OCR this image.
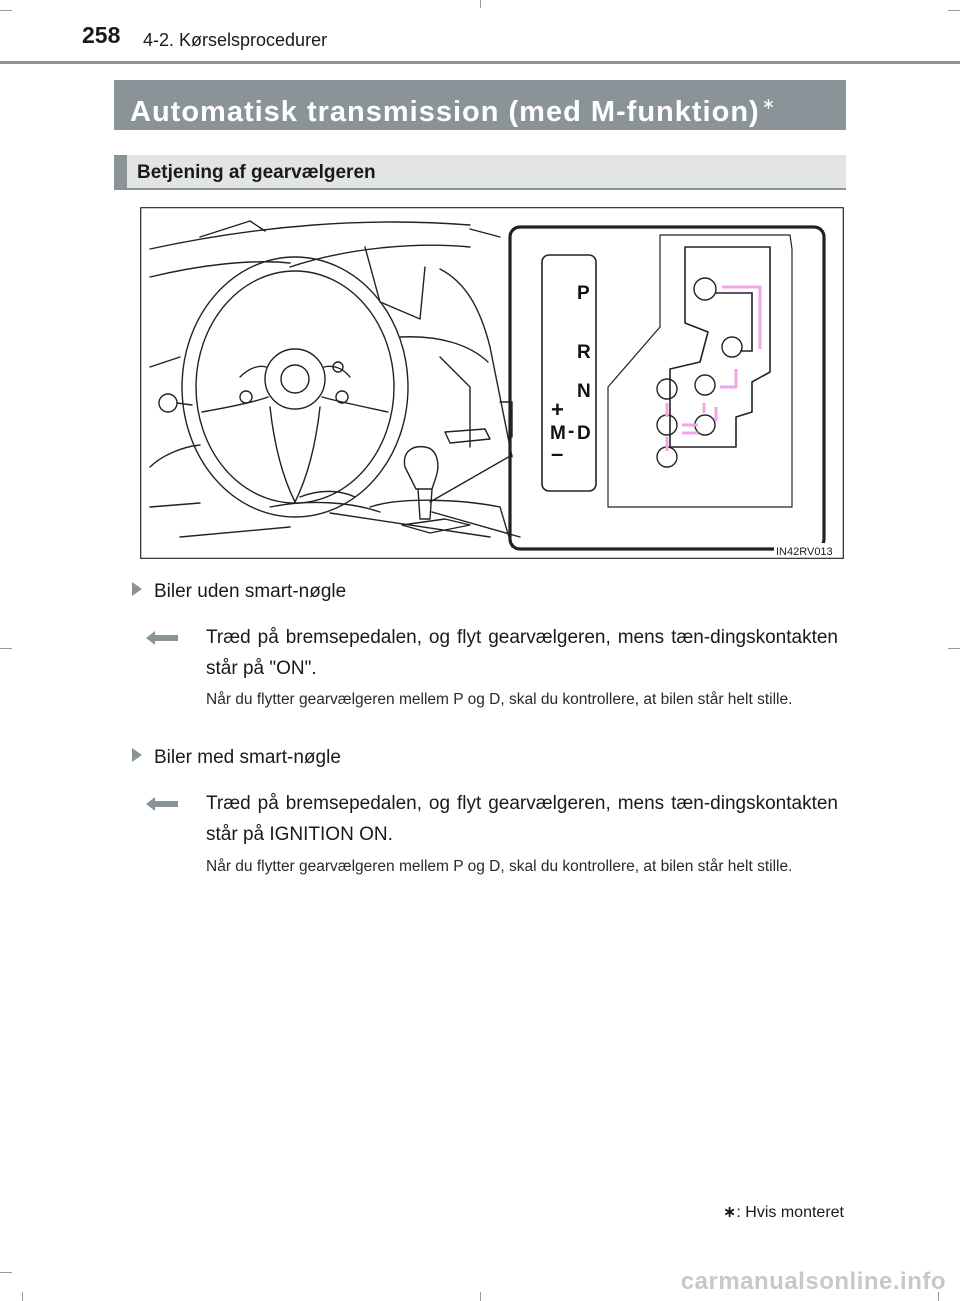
258 4-2. Kørselsprocedurer
Automatisk transmission (med M-funktion) ∗
Betjening af gearvælgeren
IN42RV013
P
R
N
+
M - D
–
Biler uden smart-nøgle
Træd på bremsepedalen, og flyt gearvælgeren, mens tæn-dingskontakten står på "ON".
Når du flytter gearvælgeren mellem P og D, skal du kontrollere, at bilen står helt stille.
Biler med smart-nøgle
Træd på bremsepedalen, og flyt gearvælgeren, mens tæn-dingskontakten står på IGNITION ON.
Når du flytter gearvælgeren mellem P og D, skal du kontrollere, at bilen står helt stille.
∗: Hvis monteret
carmanualsonline.info
